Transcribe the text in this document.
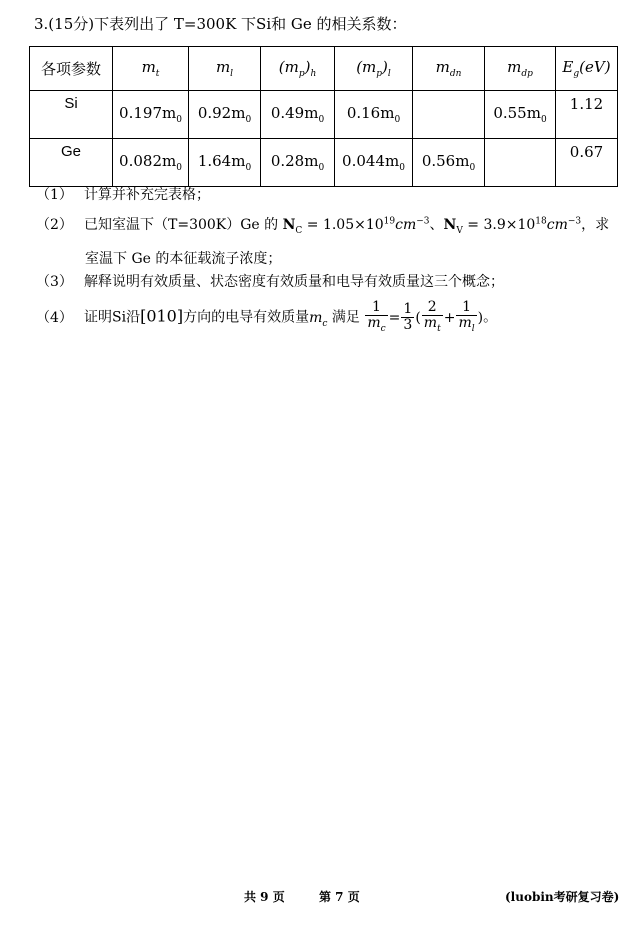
3.(15分)下表列出了 T=300K 下Si和 Ge 的相关系数：
各项参数	$m_t$	$m_l$	$(m_p)_h$	$(m_p)_l$	$m_{dn}$	$m_{dp}$	$E_g(eV)$
Si	$0.197m_0$	$0.92m_0$	$0.49m_0$	$0.16m_0$		$0.55m_0$	1.12
Ge	$0.082m_0$	$1.64m_0$	$0.28m_0$	$0.044m_0$	$0.56m_0$		0.67
（1） 计算并补充完表格；
（2） 已知室温下（T=300K）Ge 的 $N_C = 1.05\times 10^{19}cm^{-3}$、$N_V = 3.9\times 10^{18}cm^{-3}$，求
室温下 Ge 的本征载流子浓度；
（3） 解释说明有效质量、状态密度有效质量和电导有效质量这三个概念；
（4） 证明Si沿[010]方向的电导有效质量$m_c$ 满足 $\frac{1}{m_c} = \frac{1}{3}$ ( $\frac{2}{m_t} + \frac{1}{m_l}$ )。
共 9 页	第 7 页	(luobin考研复习卷)
